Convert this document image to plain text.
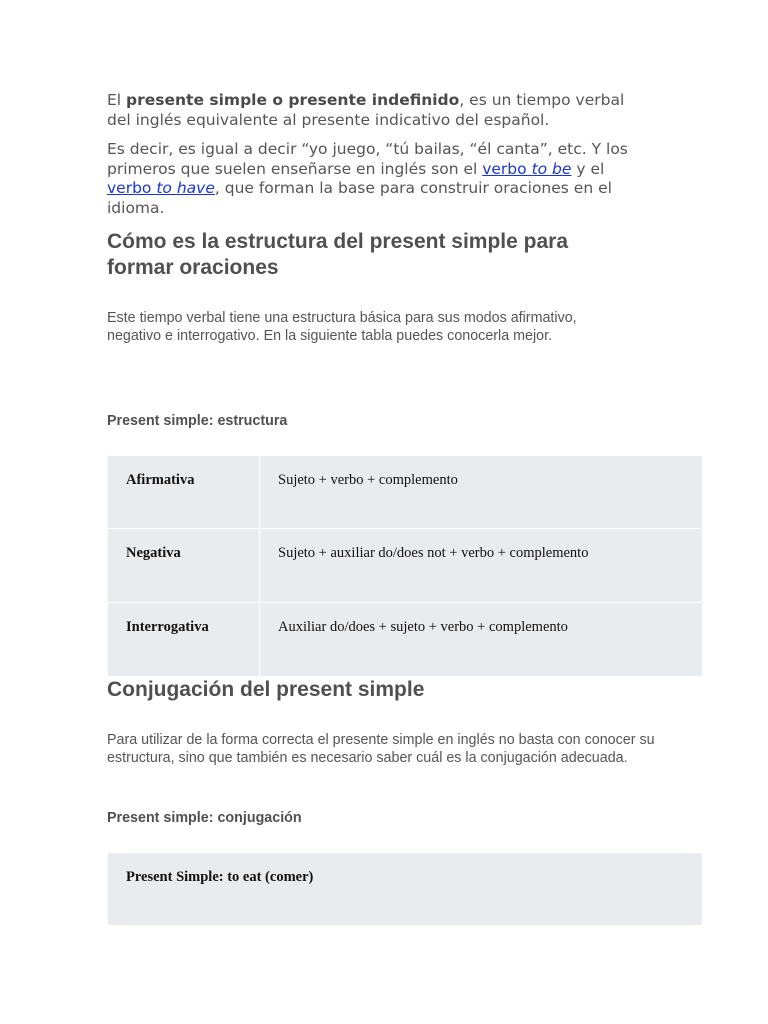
El presente simple o presente indefinido, es un tiempo verbal del inglés equivalente al presente indicativo del español.

Es decir, es igual a decir “yo juego, “tú bailas, “él canta”, etc. Y los primeros que suelen enseñarse en inglés son el verbo to be y el verbo to have, que forman la base para construir oraciones en el idioma.

Cómo es la estructura del present simple para formar oraciones

Este tiempo verbal tiene una estructura básica para sus modos afirmativo, negativo e interrogativo. En la siguiente tabla puedes conocerla mejor.

Present simple: estructura

Afirmativa	Sujeto + verbo + complemento
Negativa	Sujeto + auxiliar do/does not + verbo + complemento
Interrogativa	Auxiliar do/does + sujeto + verbo + complemento
Conjugación del present simple

Para utilizar de la forma correcta el presente simple en inglés no basta con conocer su estructura, sino que también es necesario saber cuál es la conjugación adecuada.

Present simple: conjugación

Present Simple: to eat (comer)
